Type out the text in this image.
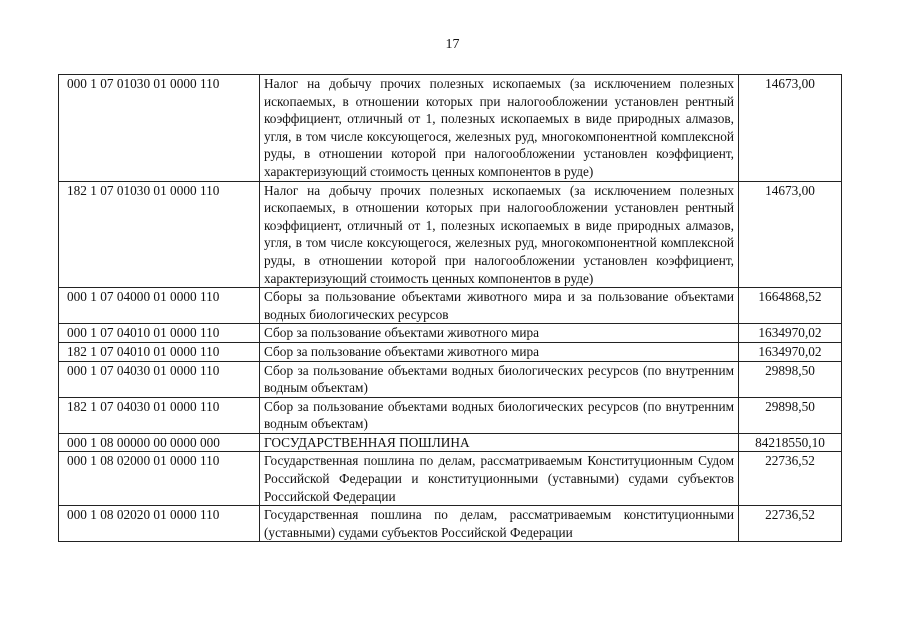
17
000 1 07 01030 01 0000 110	Налог на добычу прочих полезных ископаемых (за исключением полезных ископаемых, в отношении которых при налогообложении установлен рентный коэффициент, отличный от 1, полезных ископаемых в виде природных алмазов, угля, в том числе коксующегося, железных руд, многокомпонентной комплексной руды, в отношении которой при налогообложении установлен коэффициент, характеризующий стоимость ценных компонентов в руде)	14673,00
182 1 07 01030 01 0000 110	Налог на добычу прочих полезных ископаемых (за исключением полезных ископаемых, в отношении которых при налогообложении установлен рентный коэффициент, отличный от 1, полезных ископаемых в виде природных алмазов, угля, в том числе коксующегося, железных руд, многокомпонентной комплексной руды, в отношении которой при налогообложении установлен коэффициент, характеризующий стоимость ценных компонентов в руде)	14673,00
000 1 07 04000 01 0000 110	Сборы за пользование объектами животного мира и за пользование объектами водных биологических ресурсов	1664868,52
000 1 07 04010 01 0000 110	Сбор за пользование объектами животного мира	1634970,02
182 1 07 04010 01 0000 110	Сбор за пользование объектами животного мира	1634970,02
000 1 07 04030 01 0000 110	Сбор за пользование объектами водных биологических ресурсов (по внутренним водным объектам)	29898,50
182 1 07 04030 01 0000 110	Сбор за пользование объектами водных биологических ресурсов (по внутренним водным объектам)	29898,50
000 1 08 00000 00 0000 000	ГОСУДАРСТВЕННАЯ ПОШЛИНА	84218550,10
000 1 08 02000 01 0000 110	Государственная пошлина по делам, рассматриваемым Конституционным Судом Российской Федерации и конституционными (уставными) судами субъектов Российской Федерации	22736,52
000 1 08 02020 01 0000 110	Государственная пошлина по делам, рассматриваемым конституционными (уставными) судами субъектов Российской Федерации	22736,52
